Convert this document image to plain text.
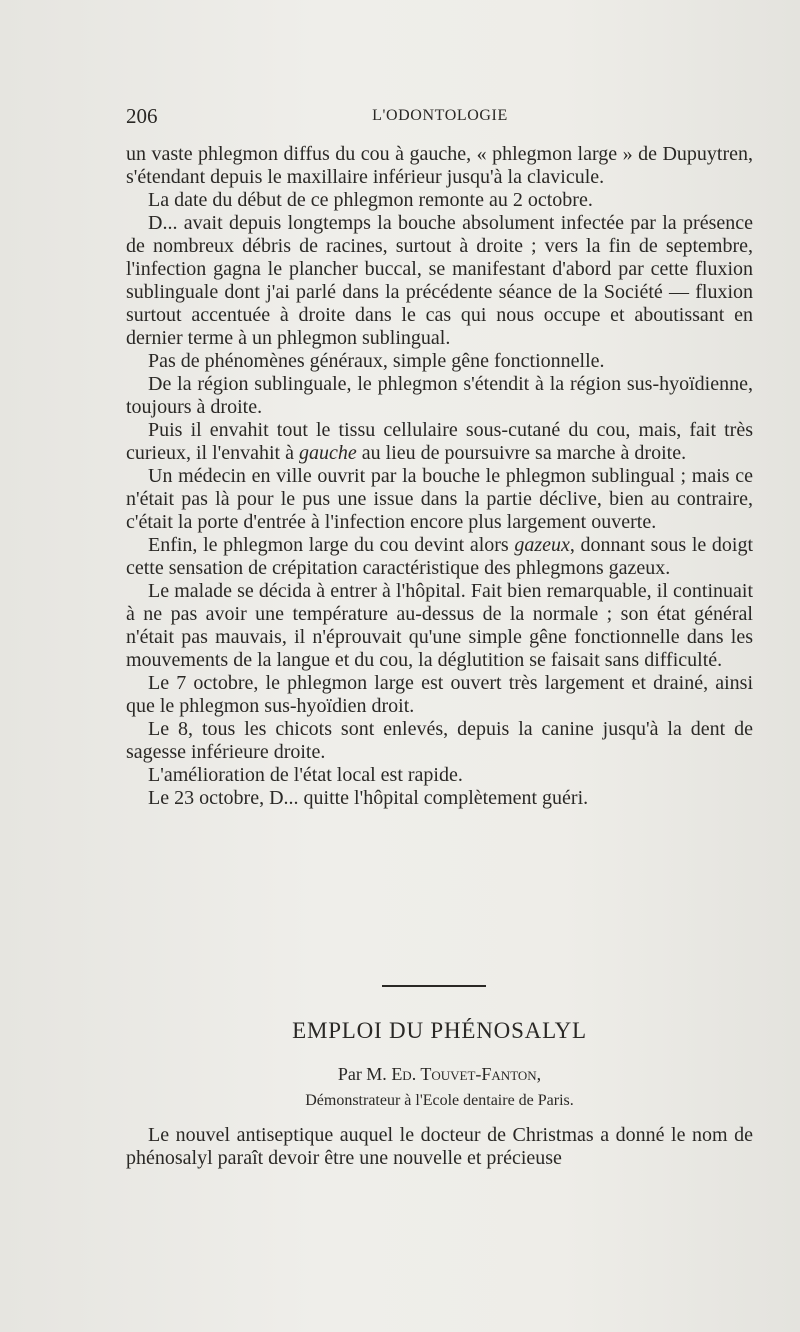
206	L'ODONTOLOGIE

un vaste phlegmon diffus du cou à gauche, « phlegmon large » de Dupuytren, s'étendant depuis le maxillaire inférieur jusqu'à la clavicule.

La date du début de ce phlegmon remonte au 2 octobre.

D... avait depuis longtemps la bouche absolument infectée par la présence de nombreux débris de racines, surtout à droite ; vers la fin de septembre, l'infection gagna le plancher buccal, se manifestant d'abord par cette fluxion sublinguale dont j'ai parlé dans la précédente séance de la Société — fluxion surtout accentuée à droite dans le cas qui nous occupe et aboutissant en dernier terme à un phlegmon sublingual.

Pas de phénomènes généraux, simple gêne fonctionnelle.

De la région sublinguale, le phlegmon s'étendit à la région sus-hyoïdienne, toujours à droite.

Puis il envahit tout le tissu cellulaire sous-cutané du cou, mais, fait très curieux, il l'envahit à gauche au lieu de poursuivre sa marche à droite.

Un médecin en ville ouvrit par la bouche le phlegmon sublingual ; mais ce n'était pas là pour le pus une issue dans la partie déclive, bien au contraire, c'était la porte d'entrée à l'infection encore plus largement ouverte.

Enfin, le phlegmon large du cou devint alors gazeux, donnant sous le doigt cette sensation de crépitation caractéristique des phlegmons gazeux.

Le malade se décida à entrer à l'hôpital. Fait bien remarquable, il continuait à ne pas avoir une température au-dessus de la normale ; son état général n'était pas mauvais, il n'éprouvait qu'une simple gêne fonctionnelle dans les mouvements de la langue et du cou, la déglutition se faisait sans difficulté.

Le 7 octobre, le phlegmon large est ouvert très largement et drainé, ainsi que le phlegmon sus-hyoïdien droit.

Le 8, tous les chicots sont enlevés, depuis la canine jusqu'à la dent de sagesse inférieure droite.

L'amélioration de l'état local est rapide.

Le 23 octobre, D... quitte l'hôpital complètement guéri.

EMPLOI DU PHÉNOSALYL
Par M. Ed. Touvet-Fanton,
Démonstrateur à l'Ecole dentaire de Paris.

Le nouvel antiseptique auquel le docteur de Christmas a donné le nom de phénosalyl paraît devoir être une nouvelle et précieuse
